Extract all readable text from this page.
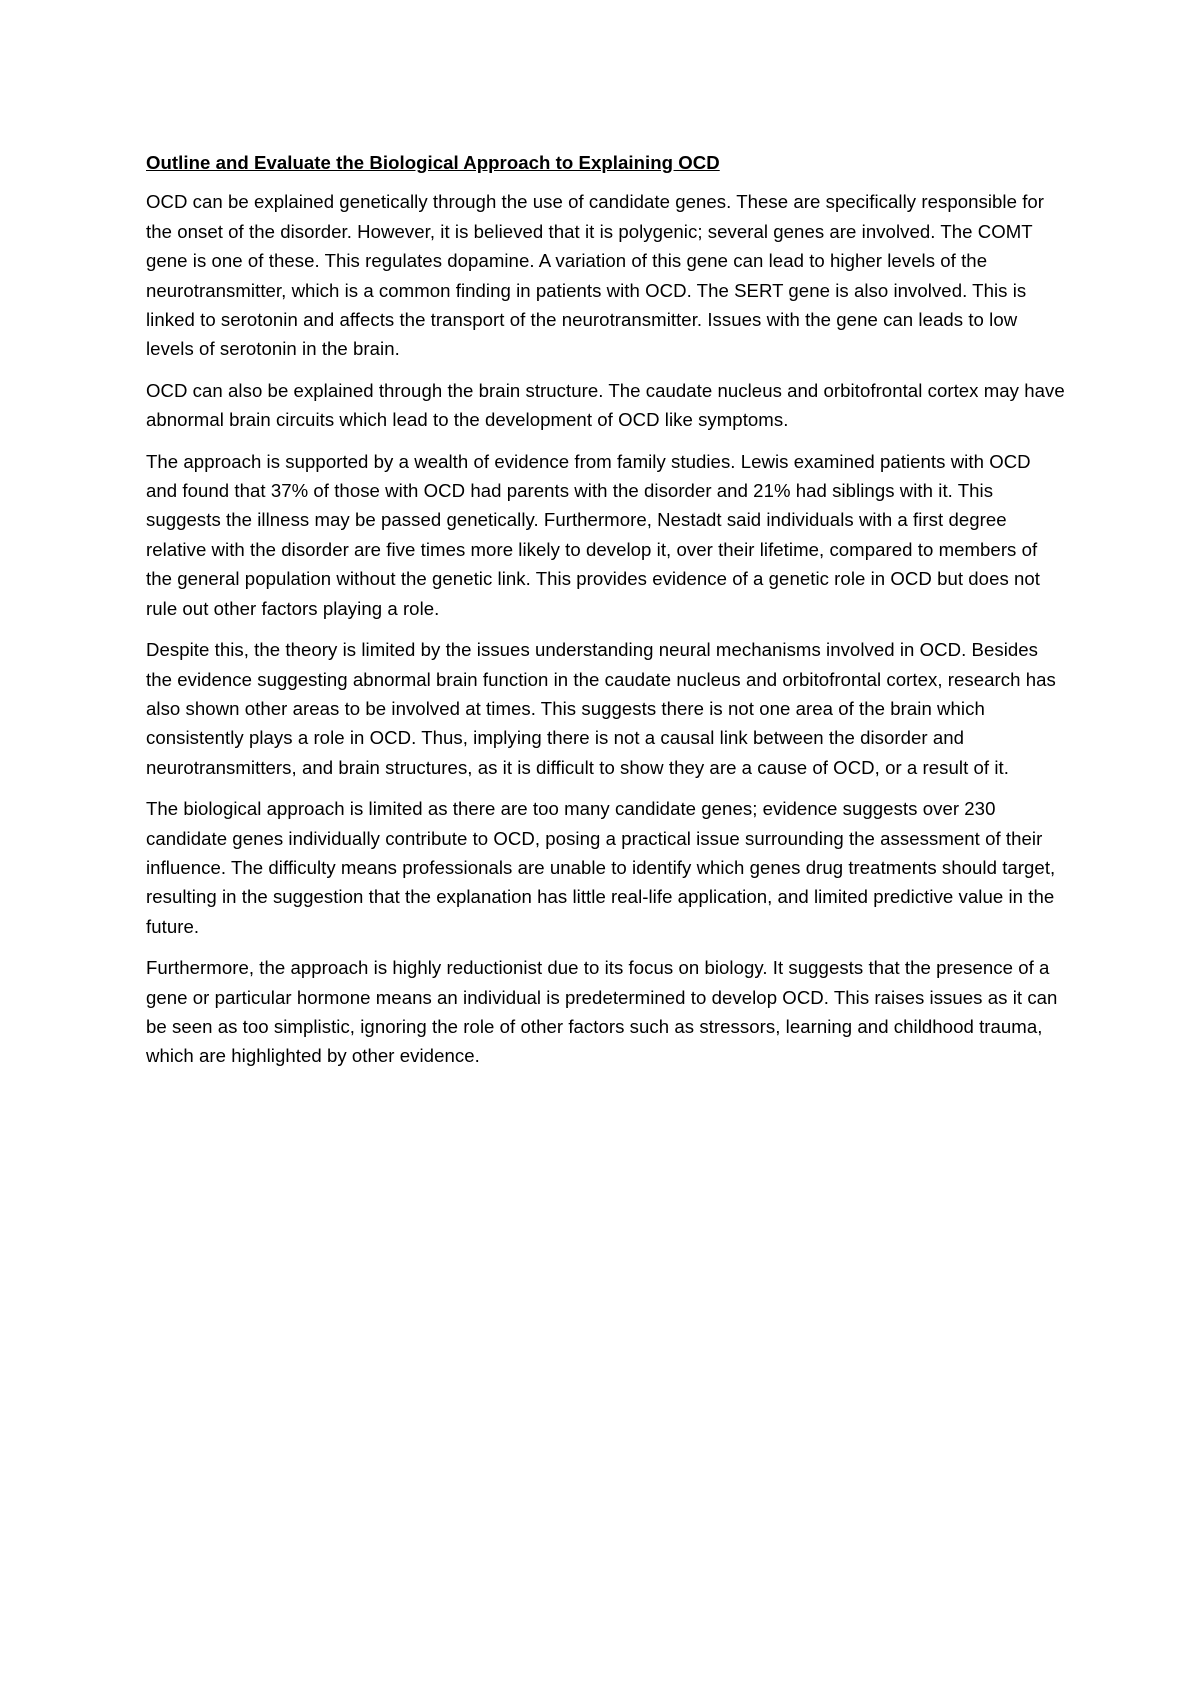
Outline and Evaluate the Biological Approach to Explaining OCD

OCD can be explained genetically through the use of candidate genes. These are specifically responsible for the onset of the disorder. However, it is believed that it is polygenic; several genes are involved. The COMT gene is one of these. This regulates dopamine. A variation of this gene can lead to higher levels of the neurotransmitter, which is a common finding in patients with OCD. The SERT gene is also involved. This is linked to serotonin and affects the transport of the neurotransmitter. Issues with the gene can leads to low levels of serotonin in the brain.

OCD can also be explained through the brain structure. The caudate nucleus and orbitofrontal cortex may have abnormal brain circuits which lead to the development of OCD like symptoms.

The approach is supported by a wealth of evidence from family studies. Lewis examined patients with OCD and found that 37% of those with OCD had parents with the disorder and 21% had siblings with it. This suggests the illness may be passed genetically. Furthermore, Nestadt said individuals with a first degree relative with the disorder are five times more likely to develop it, over their lifetime, compared to members of the general population without the genetic link. This provides evidence of a genetic role in OCD but does not rule out other factors playing a role.

Despite this, the theory is limited by the issues understanding neural mechanisms involved in OCD. Besides the evidence suggesting abnormal brain function in the caudate nucleus and orbitofrontal cortex, research has also shown other areas to be involved at times. This suggests there is not one area of the brain which consistently plays a role in OCD. Thus, implying there is not a causal link between the disorder and neurotransmitters, and brain structures, as it is difficult to show they are a cause of OCD, or a result of it.

The biological approach is limited as there are too many candidate genes; evidence suggests over 230 candidate genes individually contribute to OCD, posing a practical issue surrounding the assessment of their influence. The difficulty means professionals are unable to identify which genes drug treatments should target, resulting in the suggestion that the explanation has little real-life application, and limited predictive value in the future.

Furthermore, the approach is highly reductionist due to its focus on biology. It suggests that the presence of a gene or particular hormone means an individual is predetermined to develop OCD. This raises issues as it can be seen as too simplistic, ignoring the role of other factors such as stressors, learning and childhood trauma, which are highlighted by other evidence.
